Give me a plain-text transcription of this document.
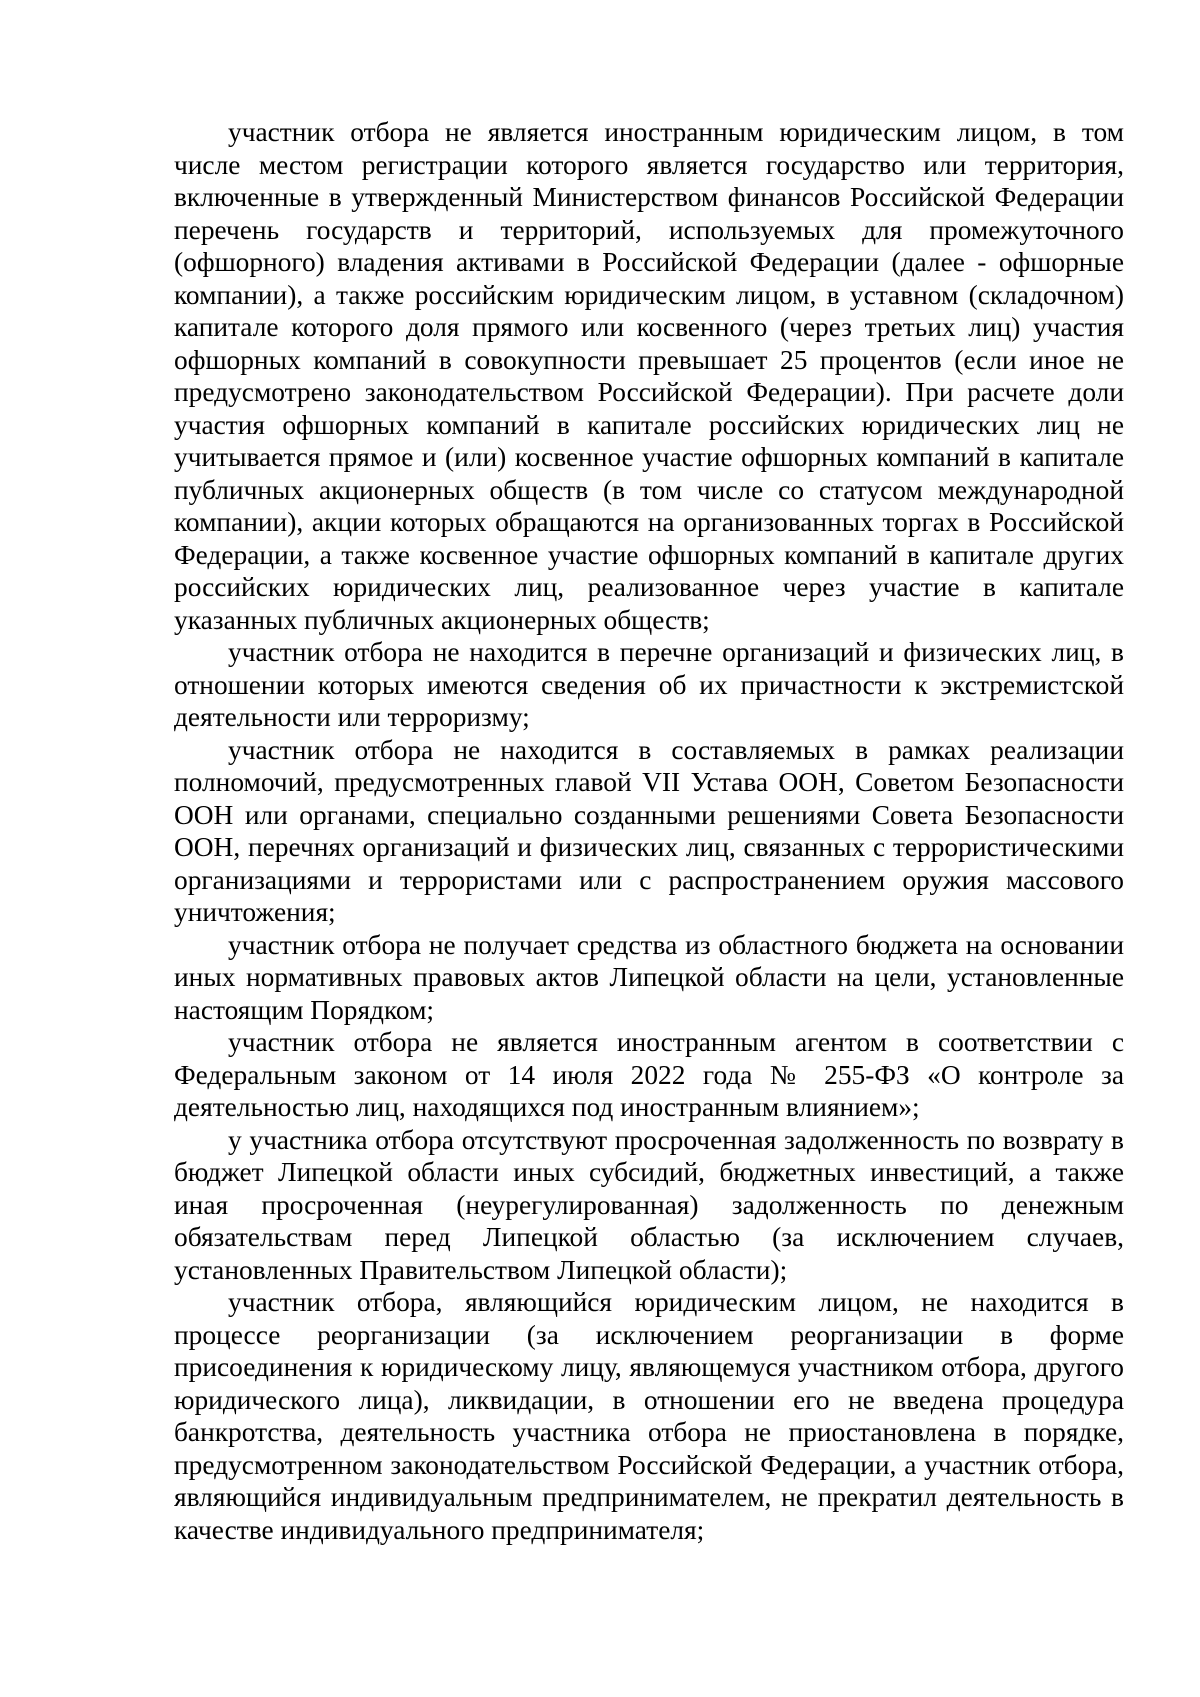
участник отбора не является иностранным юридическим лицом, в том числе местом регистрации которого является государство или территория, включенные в утвержденный Министерством финансов Российской Федерации перечень государств и территорий, используемых для промежуточного (офшорного) владения активами в Российской Федерации (далее - офшорные компании), а также российским юридическим лицом, в уставном (складочном) капитале которого доля прямого или косвенного (через третьих лиц) участия офшорных компаний в совокупности превышает 25 процентов (если иное не предусмотрено законодательством Российской Федерации). При расчете доли участия офшорных компаний в капитале российских юридических лиц не учитывается прямое и (или) косвенное участие офшорных компаний в капитале публичных акционерных обществ (в том числе со статусом международной компании), акции которых обращаются на организованных торгах в Российской Федерации, а также косвенное участие офшорных компаний в капитале других российских юридических лиц, реализованное через участие в капитале указанных публичных акционерных обществ;

участник отбора не находится в перечне организаций и физических лиц, в отношении которых имеются сведения об их причастности к экстремистской деятельности или терроризму;

участник отбора не находится в составляемых в рамках реализации полномочий, предусмотренных главой VII Устава ООН, Советом Безопасности ООН или органами, специально созданными решениями Совета Безопасности ООН, перечнях организаций и физических лиц, связанных с террористическими организациями и террористами или с распространением оружия массового уничтожения;

участник отбора не получает средства из областного бюджета на основании иных нормативных правовых актов Липецкой области на цели, установленные настоящим Порядком;

участник отбора не является иностранным агентом в соответствии с Федеральным законом от 14 июля 2022 года № 255-ФЗ «О контроле за деятельностью лиц, находящихся под иностранным влиянием»;

у участника отбора отсутствуют просроченная задолженность по возврату в бюджет Липецкой области иных субсидий, бюджетных инвестиций, а также иная просроченная (неурегулированная) задолженность по денежным обязательствам перед Липецкой областью (за исключением случаев, установленных Правительством Липецкой области);

участник отбора, являющийся юридическим лицом, не находится в процессе реорганизации (за исключением реорганизации в форме присоединения к юридическому лицу, являющемуся участником отбора, другого юридического лица), ликвидации, в отношении его не введена процедура банкротства, деятельность участника отбора не приостановлена в порядке, предусмотренном законодательством Российской Федерации, а участник отбора, являющийся индивидуальным предпринимателем, не прекратил деятельность в качестве индивидуального предпринимателя;
